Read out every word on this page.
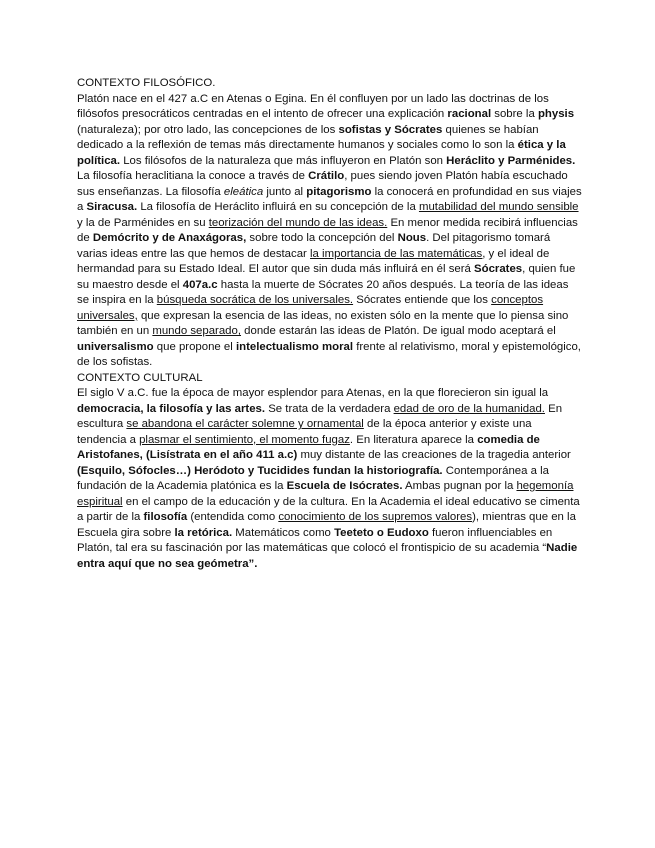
CONTEXTO FILOSÓFICO.
Platón nace en el 427 a.C en Atenas o Egina. En él confluyen por un lado las doctrinas de los filósofos presocráticos centradas en el intento de ofrecer una explicación racional sobre la physis (naturaleza); por otro lado, las concepciones de los sofistas y Sócrates quienes se habían dedicado a la reflexión de temas más directamente humanos y sociales como lo son la ética y la política. Los filósofos de la naturaleza que más influyeron en Platón son Heráclito y Parménides. La filosofía heraclitiana la conoce a través de Crátilo, pues siendo joven Platón había escuchado sus enseñanzas. La filosofía eleática junto al pitagorismo la conocerá en profundidad en sus viajes a Siracusa. La filosofía de Heráclito influirá en su concepción de la mutabilidad del mundo sensible y la de Parménides en su teorización del mundo de las ideas. En menor medida recibirá influencias de Demócrito y de Anaxágoras, sobre todo la concepción del Nous. Del pitagorismo tomará varias ideas entre las que hemos de destacar la importancia de las matemáticas, y el ideal de hermandad para su Estado Ideal. El autor que sin duda más influirá en él será Sócrates, quien fue su maestro desde el 407a.c hasta la muerte de Sócrates 20 años después. La teoría de las ideas se inspira en la búsqueda socrática de los universales. Sócrates entiende que los conceptos universales, que expresan la esencia de las ideas, no existen sólo en la mente que lo piensa sino también en un mundo separado, donde estarán las ideas de Platón. De igual modo aceptará el universalismo que propone el intelectualismo moral frente al relativismo, moral y epistemológico, de los sofistas.
CONTEXTO CULTURAL
El siglo V a.C. fue la época de mayor esplendor para Atenas, en la que florecieron sin igual la democracia, la filosofía y las artes. Se trata de la verdadera edad de oro de la humanidad. En escultura se abandona el carácter solemne y ornamental de la época anterior y existe una tendencia a plasmar el sentimiento, el momento fugaz. En literatura aparece la comedia de Aristofanes, (Lisístrata en el año 411 a.c) muy distante de las creaciones de la tragedia anterior (Esquilo, Sófocles…) Heródoto y Tucidides fundan la historiografía. Contemporánea a la fundación de la Academia platónica es la Escuela de Isócrates. Ambas pugnan por la hegemonía espiritual en el campo de la educación y de la cultura. En la Academia el ideal educativo se cimenta a partir de la filosofía (entendida como conocimiento de los supremos valores), mientras que en la Escuela gira sobre la retórica. Matemáticos como Teeteto o Eudoxo fueron influenciables en Platón, tal era su fascinación por las matemáticas que colocó el frontispicio de su academia “Nadie entra aquí que no sea geómetra”.
